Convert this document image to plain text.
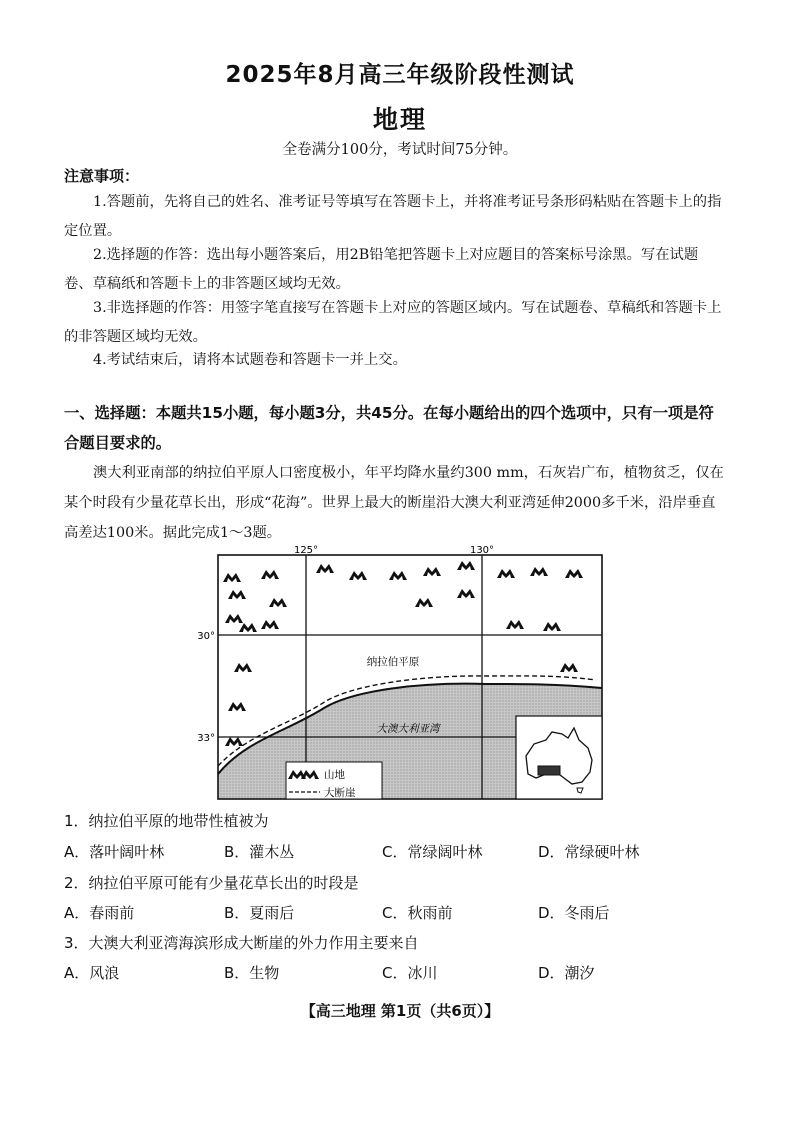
2025年8月高三年级阶段性测试
地理
全卷满分100分，考试时间75分钟。
注意事项：

1.答题前，先将自己的姓名、准考证号等填写在答题卡上，并将准考证号条形码粘贴在答题卡上的指定位置。

2.选择题的作答：选出每小题答案后，用2B铅笔把答题卡上对应题目的答案标号涂黑。写在试题卷、草稿纸和答题卡上的非答题区域均无效。

3.非选择题的作答：用签字笔直接写在答题卡上对应的答题区域内。写在试题卷、草稿纸和答题卡上的非答题区域均无效。

4.考试结束后，请将本试题卷和答题卡一并上交。

一、选择题：本题共15小题，每小题3分，共45分。在每小题给出的四个选项中，只有一项是符合题目要求的。

澳大利亚南部的纳拉伯平原人口密度极小，年平均降水量约300 mm，石灰岩广布，植物贫乏，仅在某个时段有少量花草长出，形成“花海”。世界上最大的断崖沿大澳大利亚湾延伸2000多千米，沿岸垂直高差达100米。据此完成1～3题。

125°	130°
30°
33°
纳拉伯平原
大澳大利亚湾
山地
大断崖
1．纳拉伯平原的地带性植被为
A．落叶阔叶林	B．灌木丛	C．常绿阔叶林	D．常绿硬叶林
2．纳拉伯平原可能有少量花草长出的时段是
A．春雨前	B．夏雨后	C．秋雨前	D．冬雨后
3．大澳大利亚湾海滨形成大断崖的外力作用主要来自
A．风浪	B．生物	C．冰川	D．潮汐
【高三地理 第1页（共6页）】
